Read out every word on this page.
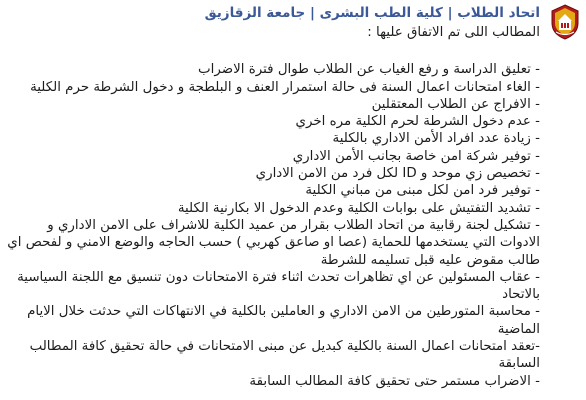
اتحاد الطلاب | كلية الطب البشرى | جامعة الزقازيق
المطالب اللى تم الاتفاق عليها :
- تعليق الدراسة و رفع الغياب عن الطلاب طوال فترة الاضراب
- الغاء امتحانات اعمال السنة فى حالة استمرار العنف و البلطجة و دخول الشرطة حرم الكلية
- الافراج عن الطلاب المعتقلين
- عدم دخول الشرطة لحرم الكلية مره اخري
- زيادة عدد افراد الأمن الاداري بالكلية
- توفير شركة امن خاصة بجانب الأمن الاداري
- تخصيص زي موحد و ID لكل فرد من الامن الاداري
- توفير فرد امن لكل مبنى من مباني الكلية
- تشديد التفتيش على بوابات الكلية وعدم الدخول الا بكارنية الكلية
- تشكيل لجنة رقابية من اتحاد الطلاب بقرار من عميد الكلية للاشراف على الامن الاداري و الادوات التي يستخدمها للحماية (عصا او صاعق كهربي ) حسب الحاجه والوضع الامني و لفحص اي طالب مقوض عليه قبل تسليمه للشرطة
- عقاب المسئولين عن اي تظاهرات تحدث اثناء فترة الامتحانات دون تنسيق مع اللجنة السياسية بالاتحاد
- محاسبة المتورطين من الامن الاداري و العاملين بالكلية في الانتهاكات التي حدثت خلال الايام الماضية
-تعقد امتحانات اعمال السنة بالكلية كبديل عن مبنى الامتحانات في حالة تحقيق كافة المطالب السابقة
- الاضراب مستمر حتى تحقيق كافة المطالب السابقة
